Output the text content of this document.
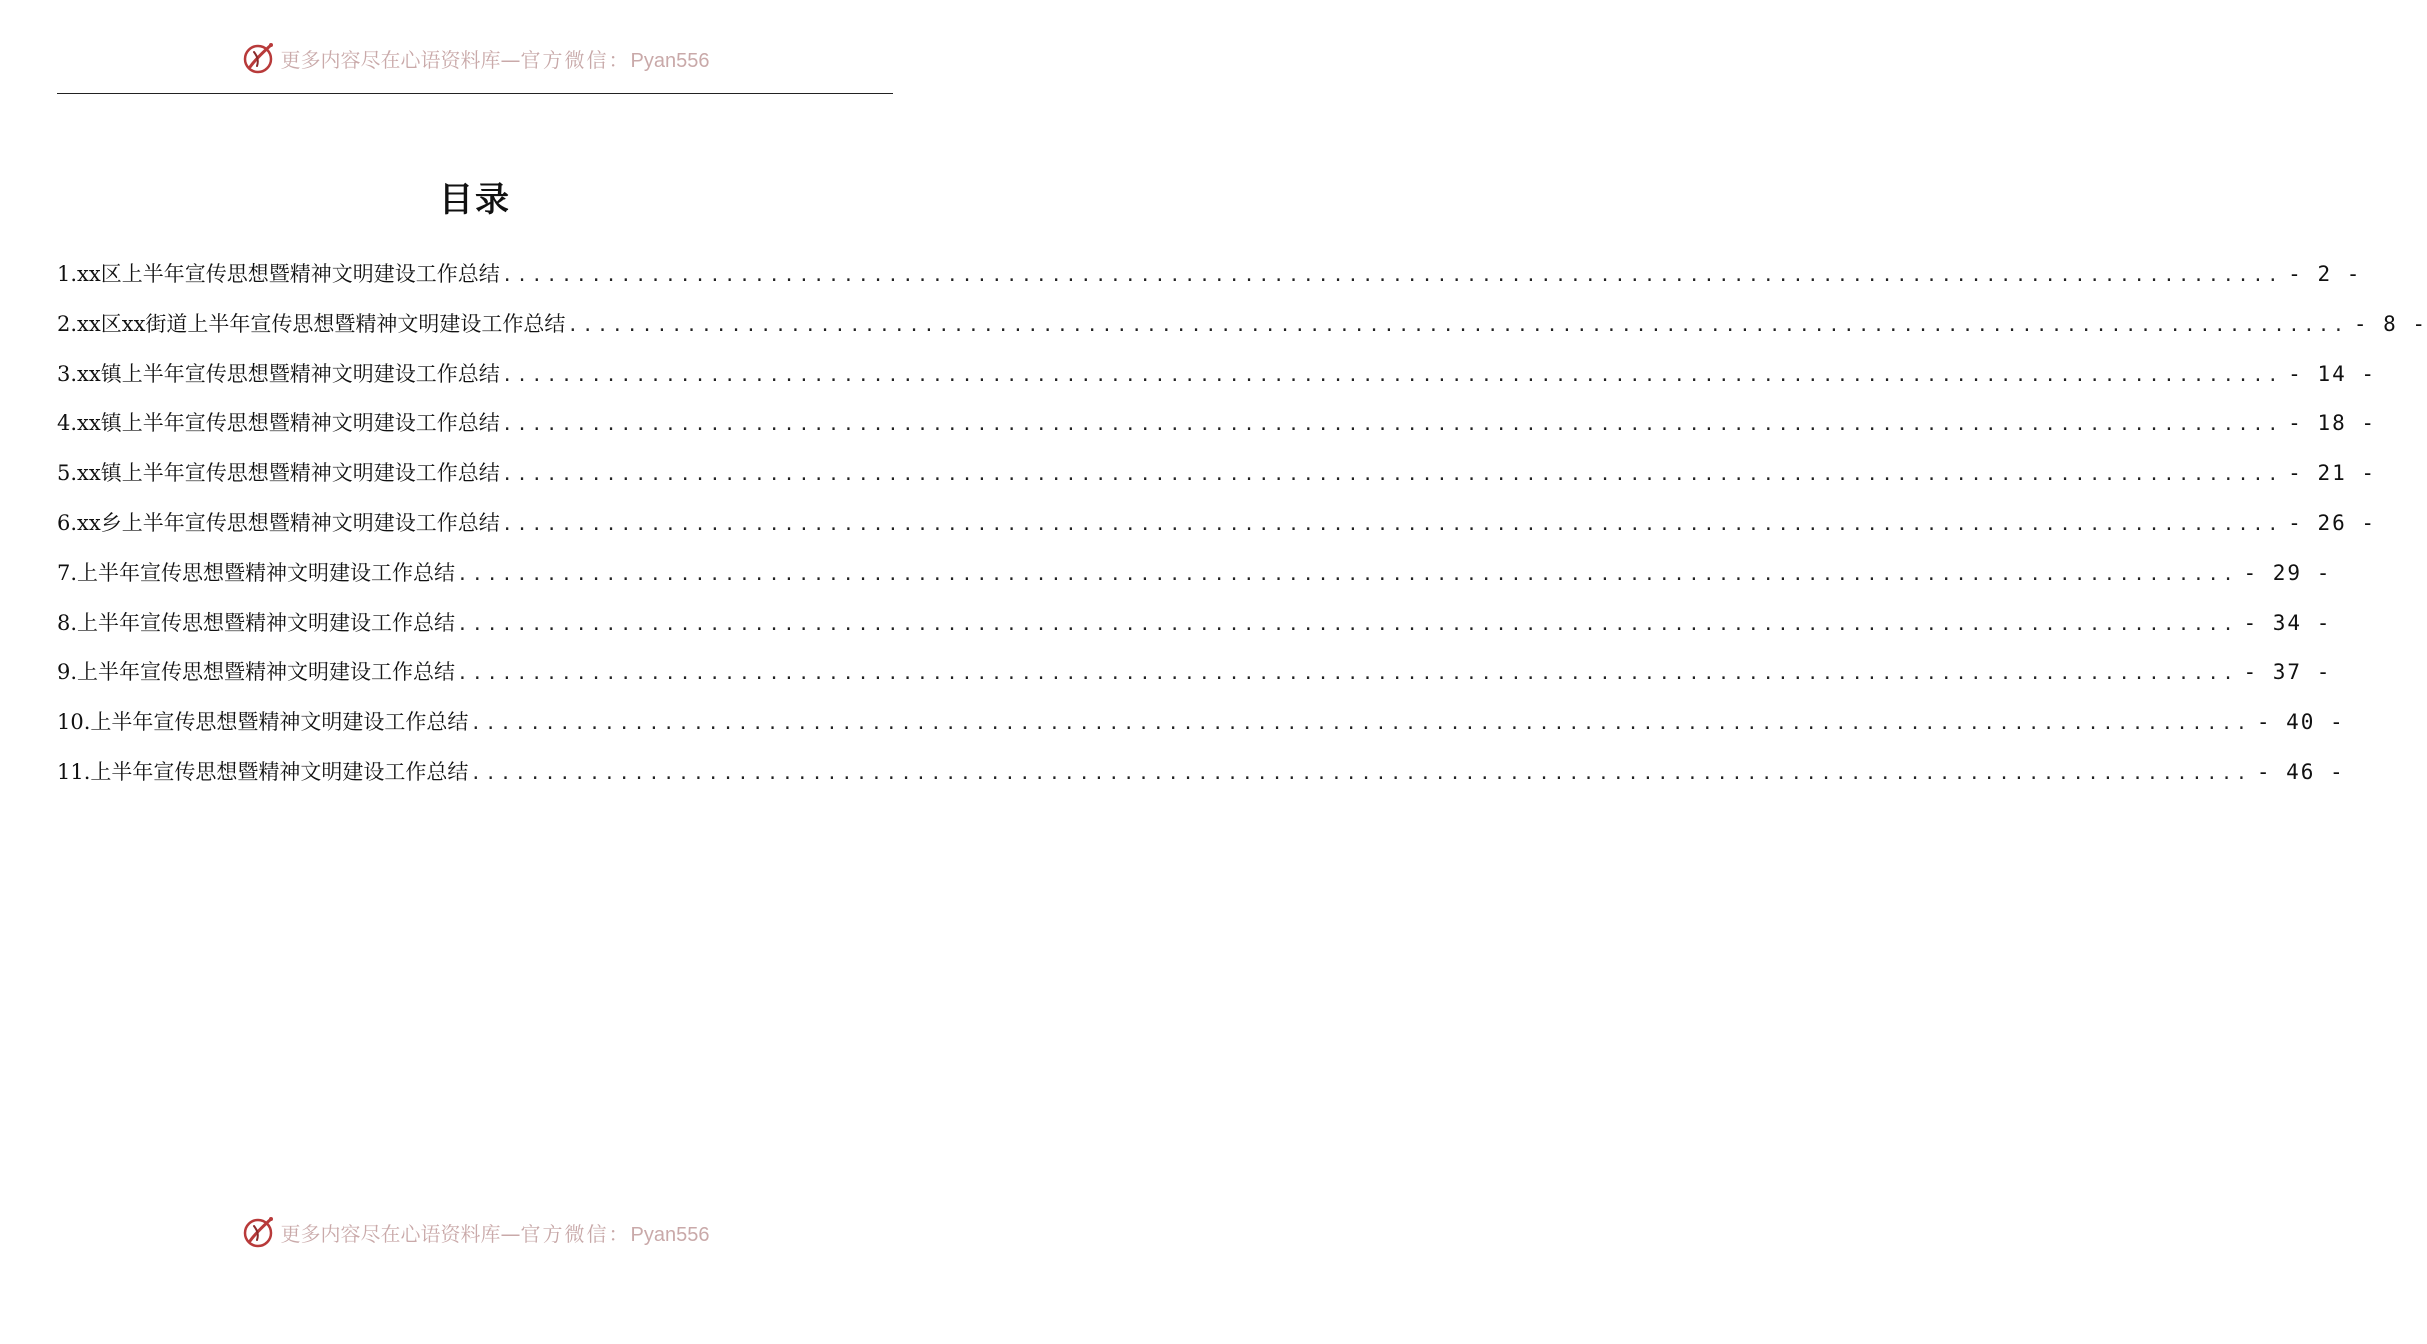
更多内容尽在心语资料库 — 官方微信： Pyan556
目录
1.xx区上半年宣传思想暨精神文明建设工作总结 ........................................................................................................................ - 2 -
2.xx区xx街道上半年宣传思想暨精神文明建设工作总结 ........................................................................................................................ - 8 -
3.xx镇上半年宣传思想暨精神文明建设工作总结 ........................................................................................................................ - 14 -
4.xx镇上半年宣传思想暨精神文明建设工作总结 ........................................................................................................................ - 18 -
5.xx镇上半年宣传思想暨精神文明建设工作总结 ........................................................................................................................ - 21 -
6.xx乡上半年宣传思想暨精神文明建设工作总结 ........................................................................................................................ - 26 -
7.上半年宣传思想暨精神文明建设工作总结 ........................................................................................................................ - 29 -
8.上半年宣传思想暨精神文明建设工作总结 ........................................................................................................................ - 34 -
9.上半年宣传思想暨精神文明建设工作总结 ........................................................................................................................ - 37 -
10.上半年宣传思想暨精神文明建设工作总结 ........................................................................................................................ - 40 -
11.上半年宣传思想暨精神文明建设工作总结 ........................................................................................................................ - 46 -
更多内容尽在心语资料库 — 官方微信： Pyan556
